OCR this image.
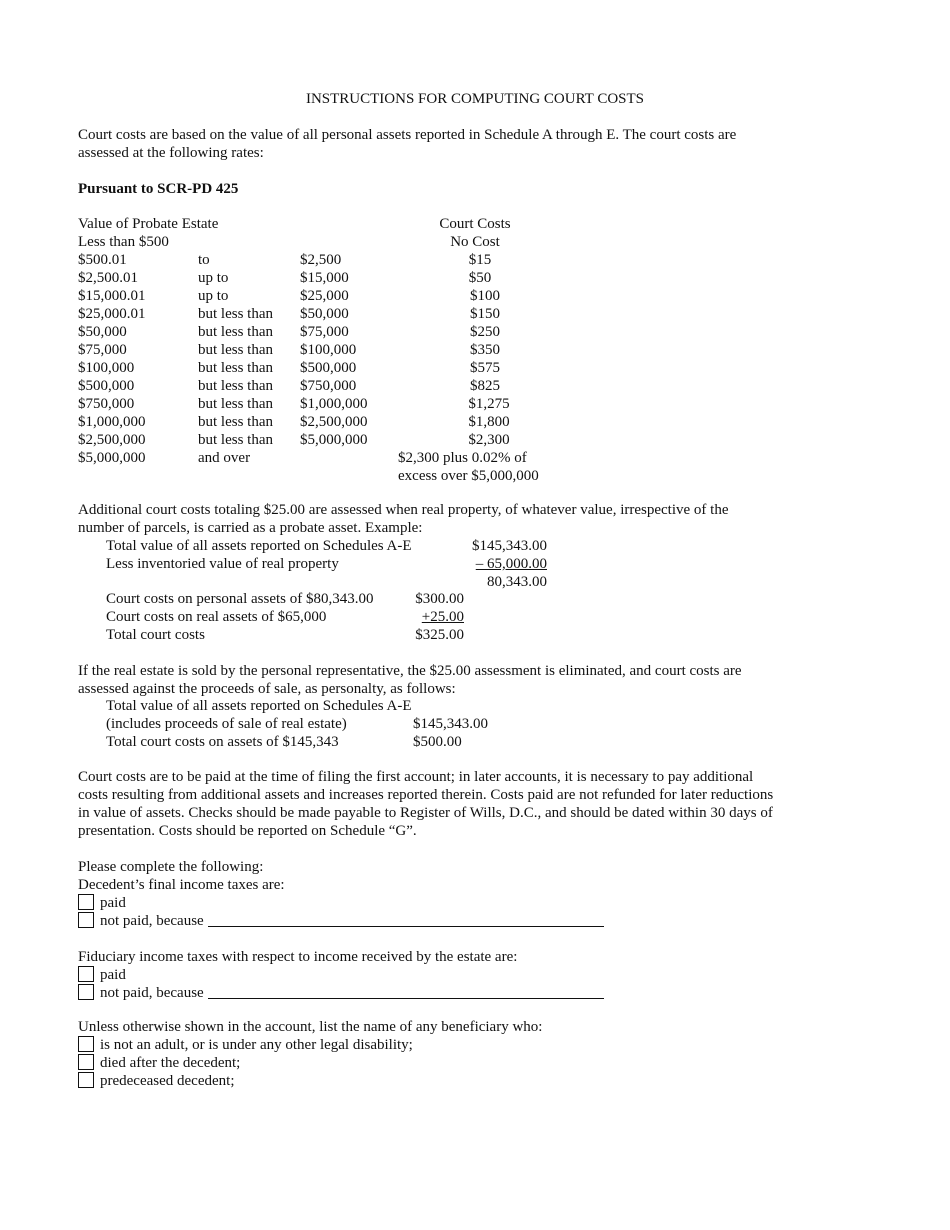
INSTRUCTIONS FOR COMPUTING COURT COSTS
Court costs are based on the value of all personal assets reported in Schedule A through E. The court costs are assessed at the following rates:
Pursuant to SCR-PD 425
Value of Probate Estate	Court Costs
Less than $500	No Cost
$500.01	to	$2,500	$15
$2,500.01	up to	$15,000	$50
$15,000.01	up to	$25,000	$100
$25,000.01	but less than $50,000	$150
$50,000	but less than $75,000	$250
$75,000	but less than $100,000	$350
$100,000	but less than $500,000	$575
$500,000	but less than $750,000	$825
$750,000	but less than $1,000,000	$1,275
$1,000,000	but less than $2,500,000	$1,800
$2,500,000	but less than $5,000,000	$2,300
$5,000,000	and over	$2,300 plus 0.02% of
excess over $5,000,000
Additional court costs totaling $25.00 are assessed when real property, of whatever value, irrespective of the number of parcels, is carried as a probate asset. Example:
Total value of all assets reported on Schedules A-E	$145,343.00
Less inventoried value of real property	– 65,000.00
80,343.00
Court costs on personal assets of $80,343.00	$300.00
Court costs on real assets of $65,000	+25.00
Total court costs	$325.00
If the real estate is sold by the personal representative, the $25.00 assessment is eliminated, and court costs are assessed against the proceeds of sale, as personalty, as follows:
Total value of all assets reported on Schedules A-E
(includes proceeds of sale of real estate)	$145,343.00
Total court costs on assets of $145,343	$500.00
Court costs are to be paid at the time of filing the first account; in later accounts, it is necessary to pay additional costs resulting from additional assets and increases reported therein. Costs paid are not refunded for later reductions in value of assets. Checks should be made payable to Register of Wills, D.C., and should be dated within 30 days of presentation. Costs should be reported on Schedule “G”.
Please complete the following:
Decedent’s final income taxes are:
paid
not paid, because
Fiduciary income taxes with respect to income received by the estate are:
paid
not paid, because
Unless otherwise shown in the account, list the name of any beneficiary who:
is not an adult, or is under any other legal disability;
died after the decedent;
predeceased decedent;
